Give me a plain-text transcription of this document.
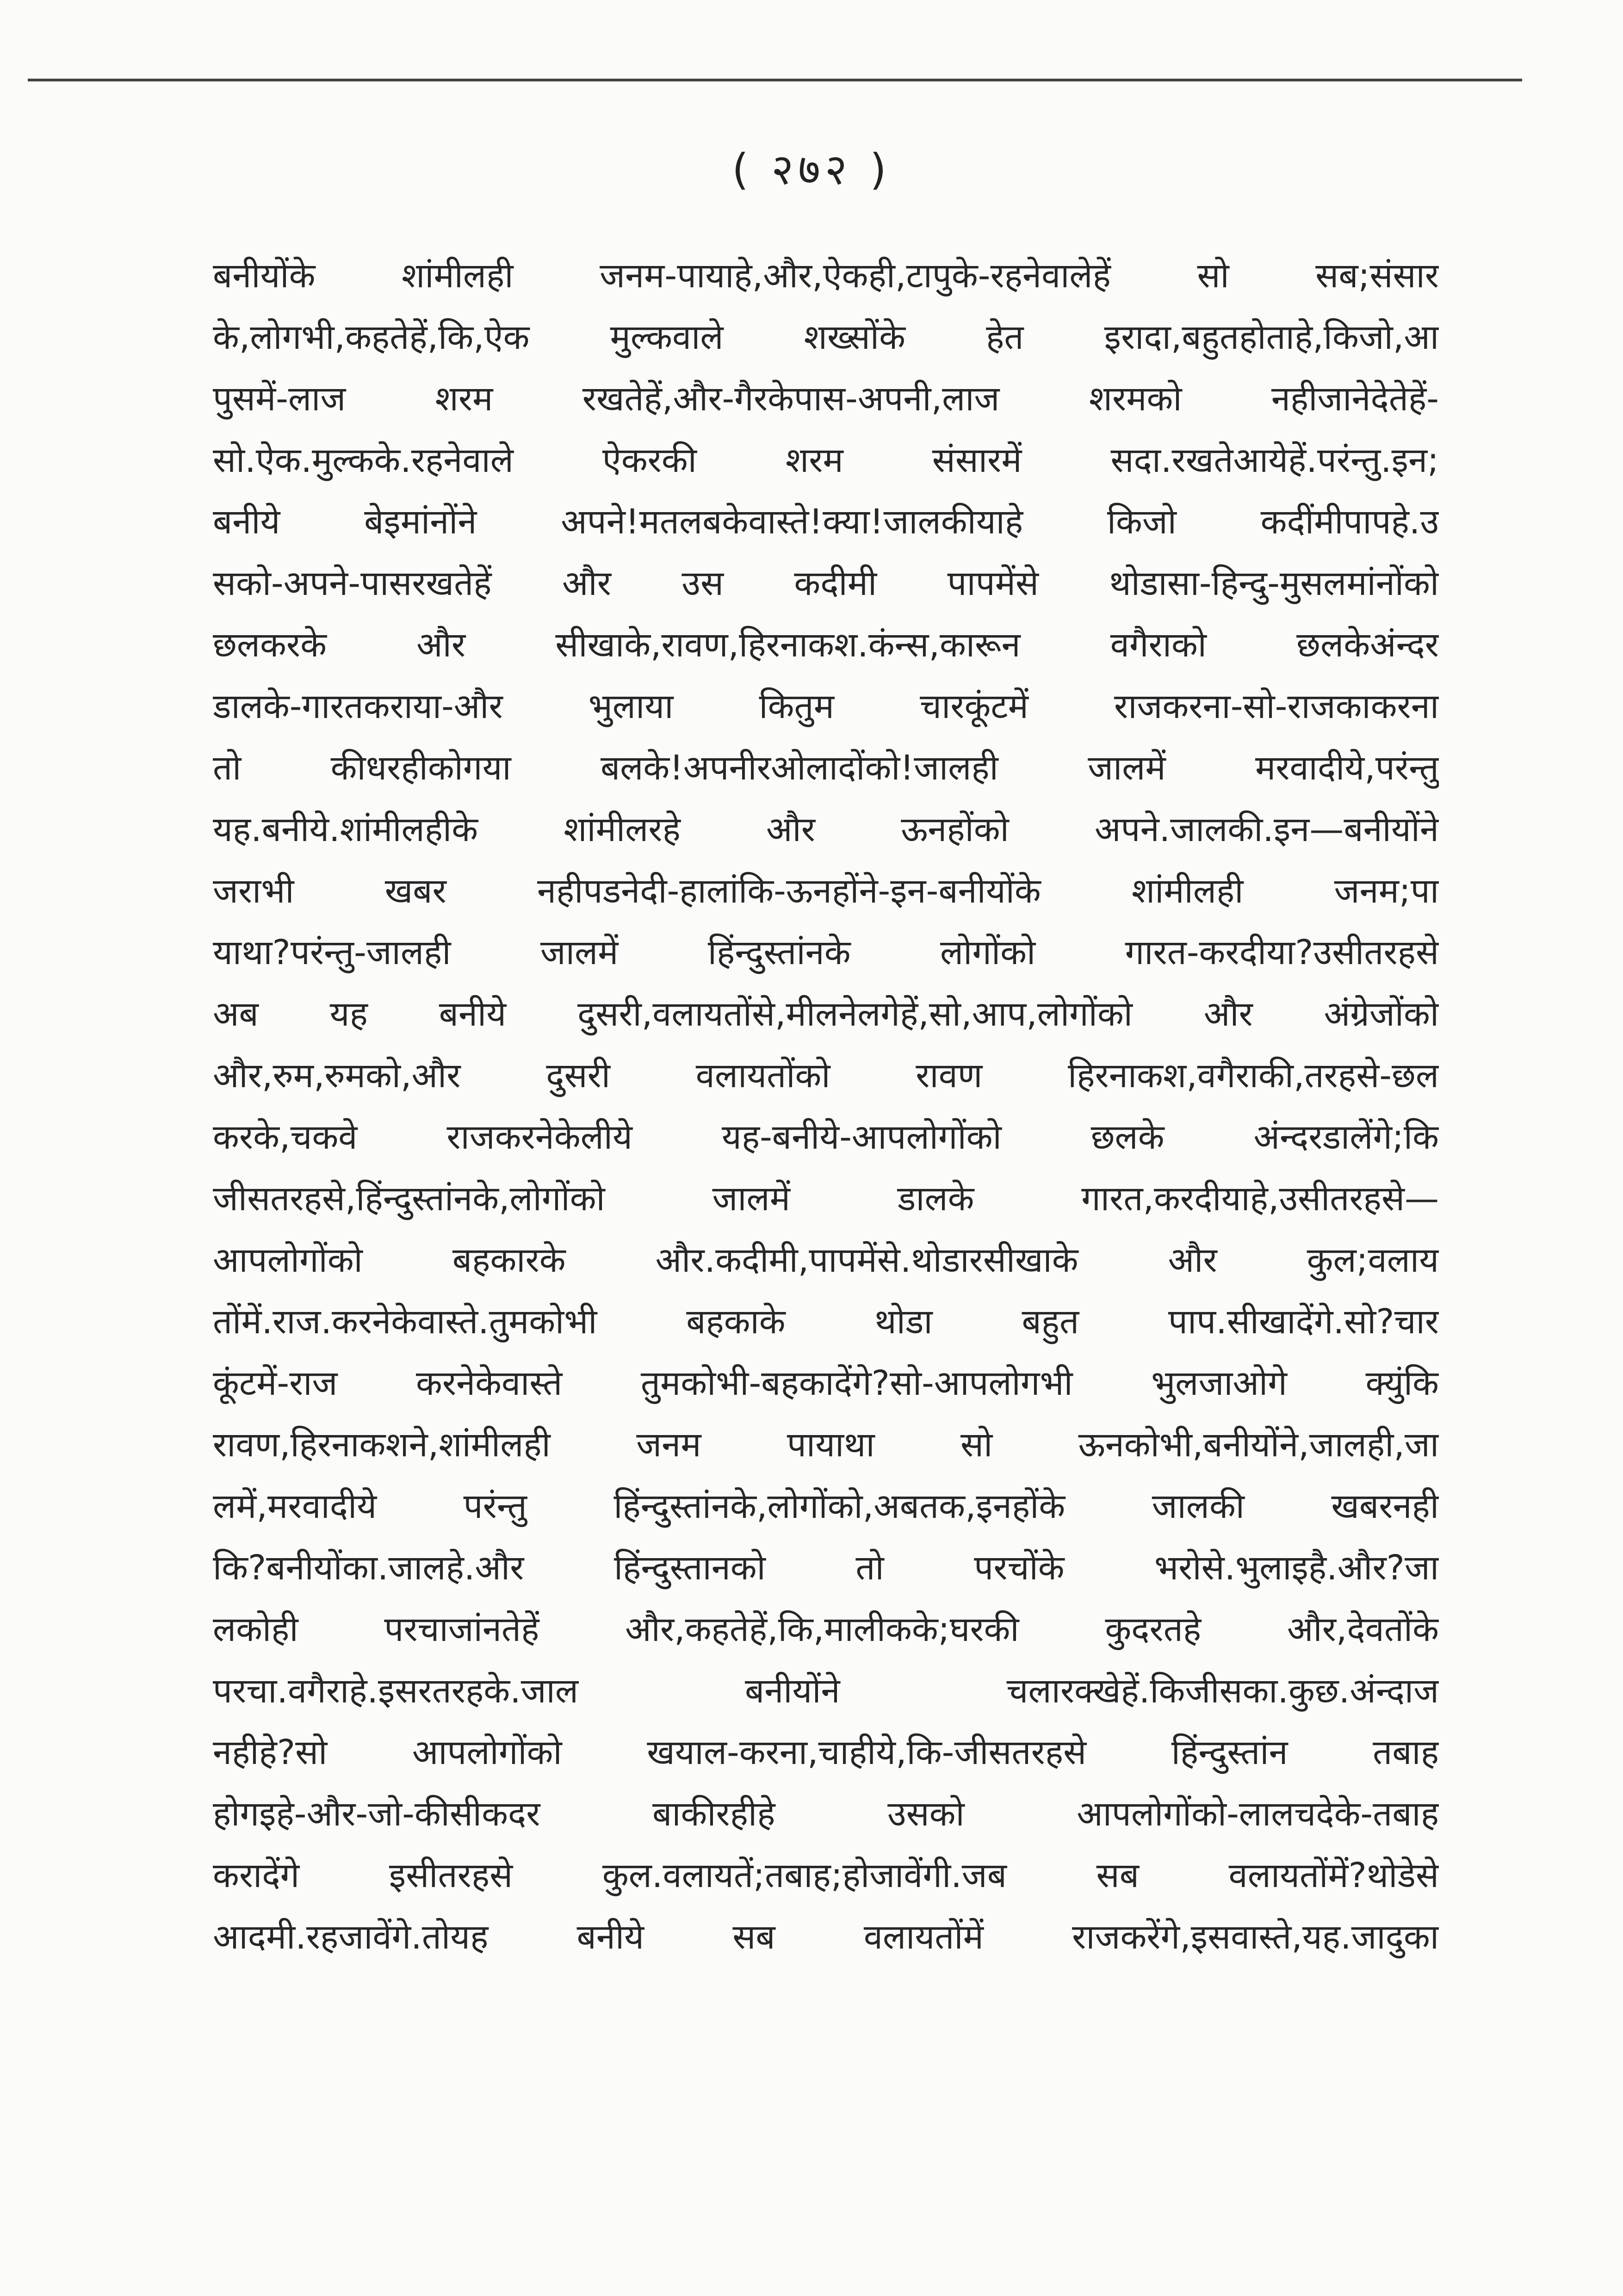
( २७२ )
बनीयोंके शांमीलही जनम-पायाहे,और,ऐकही,टापुके-रहनेवालेहें सो सब;संसार
के,लोगभी,कहतेहें,कि,ऐक मुल्कवाले शख्सोंके हेत इरादा,बहुतहोताहे,किजो,आ
पुसमें-लाज शरम रखतेहें,और-गैरकेपास-अपनी,लाज शरमको नहीजानेदेतेहें-
सो.ऐक.मुल्कके.रहनेवाले ऐकरकी शरम संसारमें सदा.रखतेआयेहें.परंन्तु.इन;
बनीये बेइमांनोंने अपने!मतलबकेवास्ते!क्या!जालकीयाहे किजो कदींमीपापहे.उ
सको-अपने-पासरखतेहें और उस कदीमी पापमेंसे थोडासा-हिन्दु-मुसलमांनोंको
छलकरके और सीखाके,रावण,हिरनाकश.कंन्स,कारून वगैराको छलकेअंन्दर
डालके-गारतकराया-और भुलाया कितुम चारकूंटमें राजकरना-सो-राजकाकरना
तो कीधरहीकोगया बलके!अपनीरओलादोंको!जालही जालमें मरवादीये,परंन्तु
यह.बनीये.शांमीलहीके शांमीलरहे और ऊनहोंको अपने.जालकी.इन—बनीयोंने
जराभी खबर नहीपडनेदी-हालांकि-ऊनहोंने-इन-बनीयोंके शांमीलही जनम;पा
याथा?परंन्तु-जालही जालमें हिंन्दुस्तांनके लोगोंको गारत-करदीया?उसीतरहसे
अब यह बनीये दुसरी,वलायतोंसे,मीलनेलगेहें,सो,आप,लोगोंको और अंग्रेजोंको
और,रुम,रुमको,और दुसरी वलायतोंको रावण हिरनाकश,वगैराकी,तरहसे-छल
करके,चकवे राजकरनेकेलीये यह-बनीये-आपलोगोंको छलके अंन्दरडालेंगे;कि
जीसतरहसे,हिंन्दुस्तांनके,लोगोंको जालमें डालके गारत,करदीयाहे,उसीतरहसे—
आपलोगोंको बहकारके और.कदीमी,पापमेंसे.थोडारसीखाके और कुल;वलाय
तोंमें.राज.करनेकेवास्ते.तुमकोभी बहकाके थोडा बहुत पाप.सीखादेंगे.सो?चार
कूंटमें-राज करनेकेवास्ते तुमकोभी-बहकादेंगे?सो-आपलोगभी भुलजाओगे क्युंकि
रावण,हिरनाकशने,शांमीलही जनम पायाथा सो ऊनकोभी,बनीयोंने,जालही,जा
लमें,मरवादीये परंन्तु हिंन्दुस्तांनके,लोगोंको,अबतक,इनहोंके जालकी खबरनही
कि?बनीयोंका.जालहे.और हिंन्दुस्तानको तो परचोंके भरोसे.भुलाइहै.और?जा
लकोही परचाजांनतेहें और,कहतेहें,कि,मालीकके;घरकी कुदरतहे और,देवतोंके
परचा.वगैराहे.इसरतरहके.जाल बनीयोंने चलारक्खेहें.किजीसका.कुछ.अंन्दाज
नहीहे?सो आपलोगोंको खयाल-करना,चाहीये,कि-जीसतरहसे हिंन्दुस्तांन तबाह
होगइहे-और-जो-कीसीकदर बाकीरहीहे उसको आपलोगोंको-लालचदेके-तबाह
करादेंगे इसीतरहसे कुल.वलायतें;तबाह;होजावेंगी.जब सब वलायतोंमें?थोडेसे
आदमी.रहजावेंगे.तोयह बनीये सब वलायतोंमें राजकरेंगे,इसवास्ते,यह.जादुका
